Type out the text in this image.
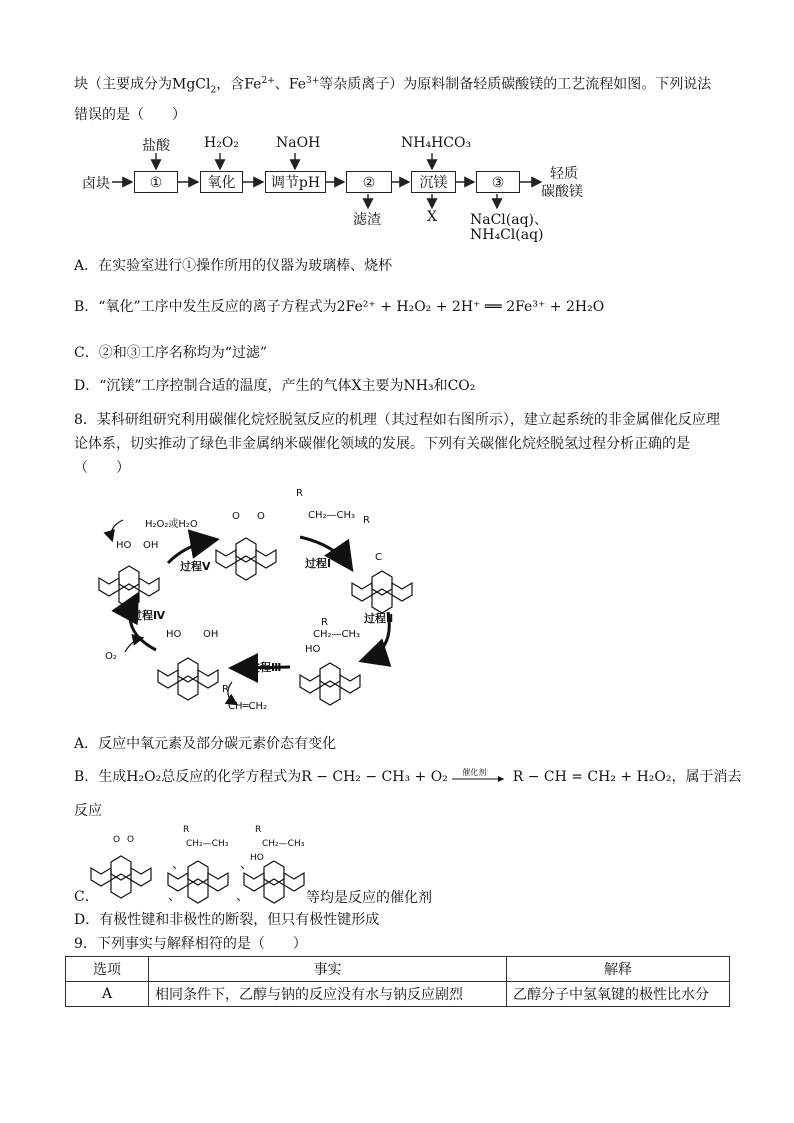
块（主要成分为MgCl$_2$，含$Fe^{2+}$、$Fe^{3+}$等杂质离子）为原料制备轻质碳酸镁的工艺流程如图。下列说法
错误的是（　　）
卤块	①	氧化	调节pH	②	沉镁	③
盐酸 H₂O₂	NaOH	NH₄HCO₃
滤渣	X NaCl(aq)、
NH₄Cl(aq)
轻质
碳酸镁
A．在实验室进行①操作所用的仪器为玻璃棒、烧杯
B．“氧化”工序中发生反应的离子方程式为2Fe²⁺ + H₂O₂ + 2H⁺ ══ 2Fe³⁺ + 2H₂O
C．②和③工序名称均为“过滤”
D．“沉镁”工序控制合适的温度，产生的气体X主要为NH₃和CO₂
8．某科研组研究利用碳催化烷烃脱氢反应的机理（其过程如右图所示），建立起系统的非金属催化反应理
论体系，切实推动了绿色非金属纳米碳催化领域的发展。下列有关碳催化烷烃脱氢过程分析正确的是
（　　）
O O
R
CH₂—CH₃ R
C
H₂O₂或H₂O
HO OH
R
CH₂—CH₃
HO
HO OH
O₂
R
CH═CH₂
过程Ⅴ	过程Ⅰ
过程Ⅱ
过程Ⅲ
过程Ⅳ
A．反应中氧元素及部分碳元素价态有变化
B．生成H₂O₂总反应的化学方程式为R − CH₂ − CH₃ + O₂ 催化剂 R − CH = CH₂ + H₂O₂，属于消去
反应
C．
O O
R
CH₂—CH₃
R
CH₂—CH₃
HO
、	、
、	、	等均是反应的催化剂
D．有极性键和非极性的断裂，但只有极性键形成
9．下列事实与解释相符的是（　　）
选项	事实	解释
A	相同条件下，乙醇与钠的反应没有水与钠反应剧烈	乙醇分子中氢氧键的极性比水分
